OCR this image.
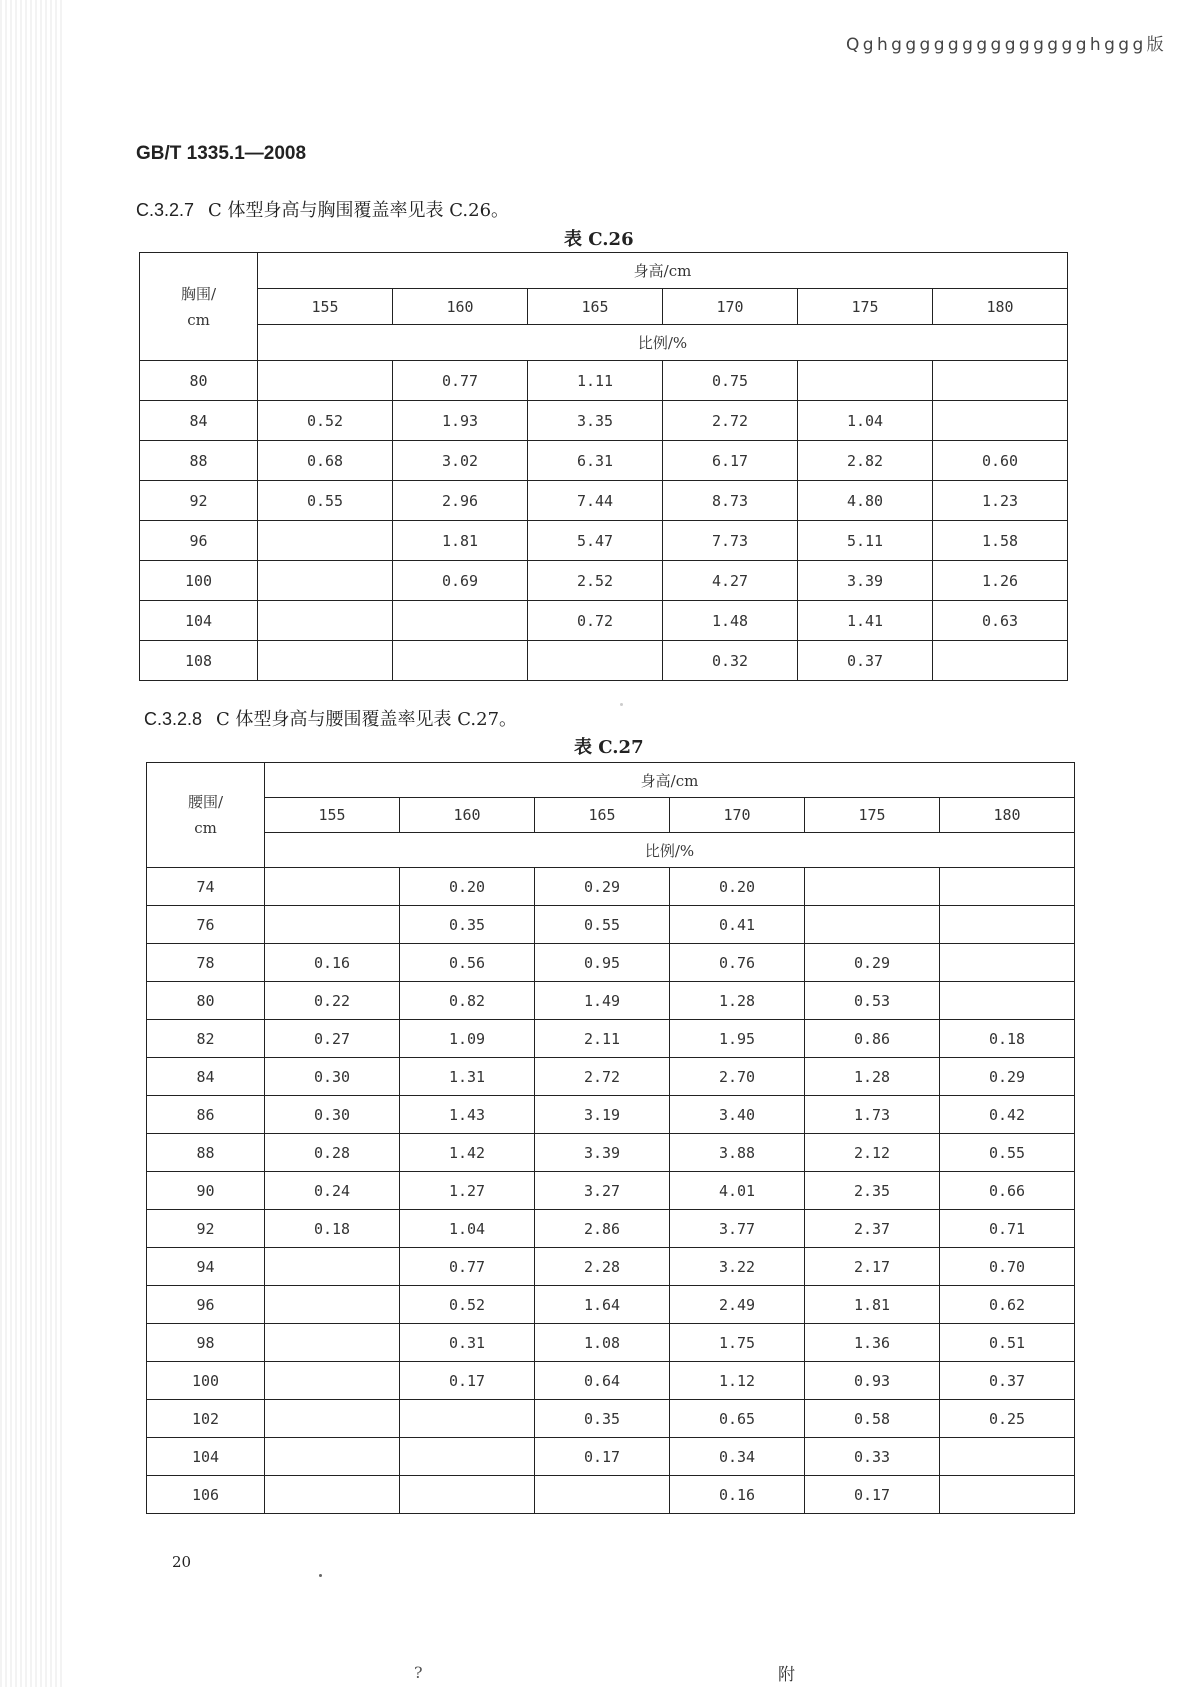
Q g h g g g g g g g g g g g g g g h g g g 版
GB/T 1335.1—2008
C.3.2.7 C 体型身高与胸围覆盖率见表 C.26。
表 C.26
胸围/
cm	身高/cm					
	155	160	165	170	175	180
	比例/%					
80		0.77	1.11	0.75		
84	0.52	1.93	3.35	2.72	1.04	
88	0.68	3.02	6.31	6.17	2.82	0.60
92	0.55	2.96	7.44	8.73	4.80	1.23
96		1.81	5.47	7.73	5.11	1.58
100		0.69	2.52	4.27	3.39	1.26
104			0.72	1.48	1.41	0.63
108				0.32	0.37	
C.3.2.8 C 体型身高与腰围覆盖率见表 C.27。
表 C.27
腰围/
cm	身高/cm					
	155	160	165	170	175	180
	比例/%					
74		0.20	0.29	0.20		
76		0.35	0.55	0.41		
78	0.16	0.56	0.95	0.76	0.29	
80	0.22	0.82	1.49	1.28	0.53	
82	0.27	1.09	2.11	1.95	0.86	0.18
84	0.30	1.31	2.72	2.70	1.28	0.29
86	0.30	1.43	3.19	3.40	1.73	0.42
88	0.28	1.42	3.39	3.88	2.12	0.55
90	0.24	1.27	3.27	4.01	2.35	0.66
92	0.18	1.04	2.86	3.77	2.37	0.71
94		0.77	2.28	3.22	2.17	0.70
96		0.52	1.64	2.49	1.81	0.62
98		0.31	1.08	1.75	1.36	0.51
100		0.17	0.64	1.12	0.93	0.37
102			0.35	0.65	0.58	0.25
104			0.17	0.34	0.33	
106				0.16	0.17	
20
?	附
